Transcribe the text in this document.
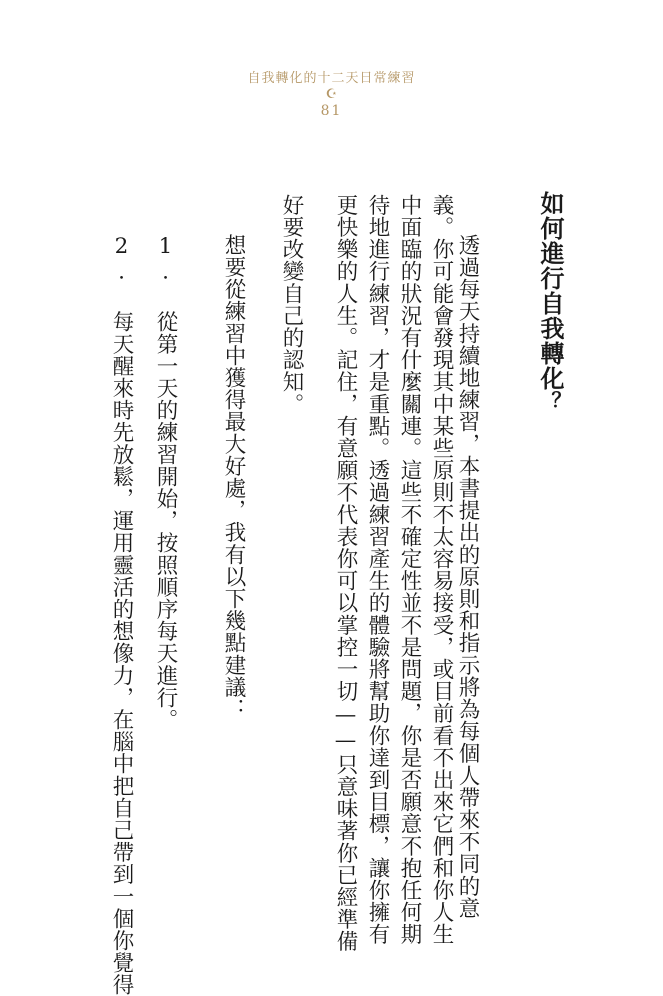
自我轉化的十二天日常練習
☪
81
如何進行自我轉化？
透過每天持續地練習，本書提出的原則和指示將為每個人帶來不同的意
義。你可能會發現其中某些原則不太容易接受，或目前看不出來它們和你人生
中面臨的狀況有什麼關連。這些不確定性並不是問題，你是否願意不抱任何期
待地進行練習，才是重點。透過練習產生的體驗將幫助你達到目標，讓你擁有
更快樂的人生。記住，有意願不代表你可以掌控一切——只意味著你已經準備
好要改變自己的認知。
想要從練習中獲得最大好處，我有以下幾點建議：
1. 從第一天的練習開始，按照順序每天進行。
2. 每天醒來時先放鬆，運用靈活的想像力，在腦中把自己帶到一個你覺得
